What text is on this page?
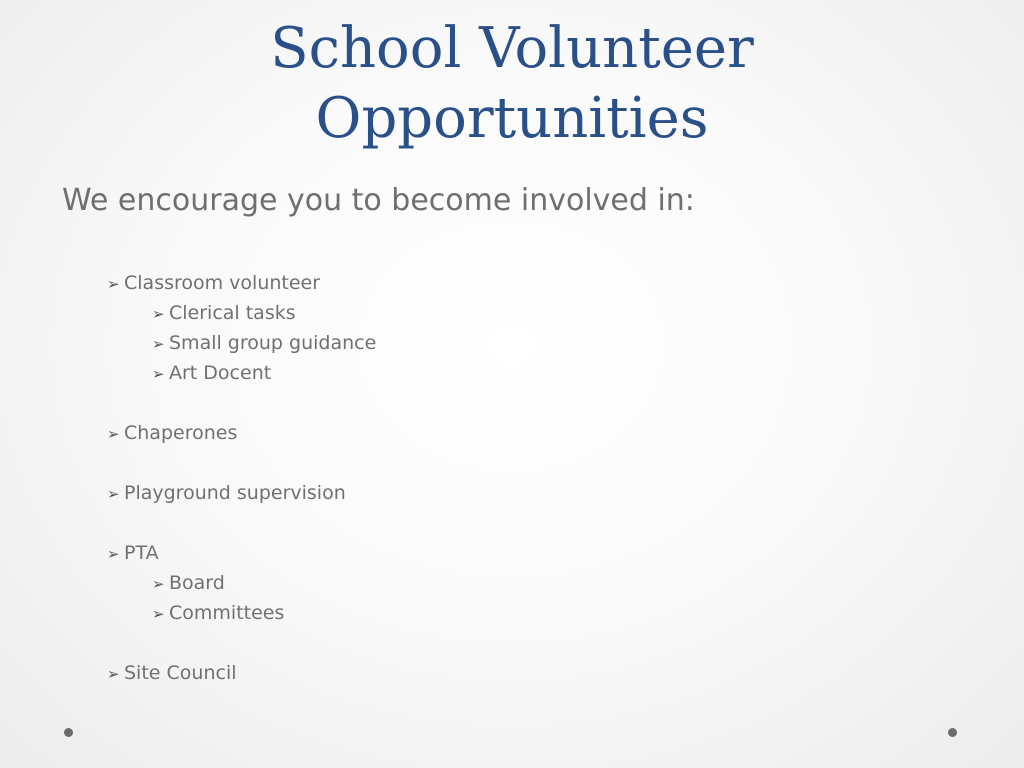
School Volunteer
Opportunities

We encourage you to become involved in:

➢ Classroom volunteer
➢ Clerical tasks
➢ Small group guidance
➢ Art Docent
➢ Chaperones
➢ Playground supervision
➢ PTA
➢ Board
➢ Committees
➢ Site Council
